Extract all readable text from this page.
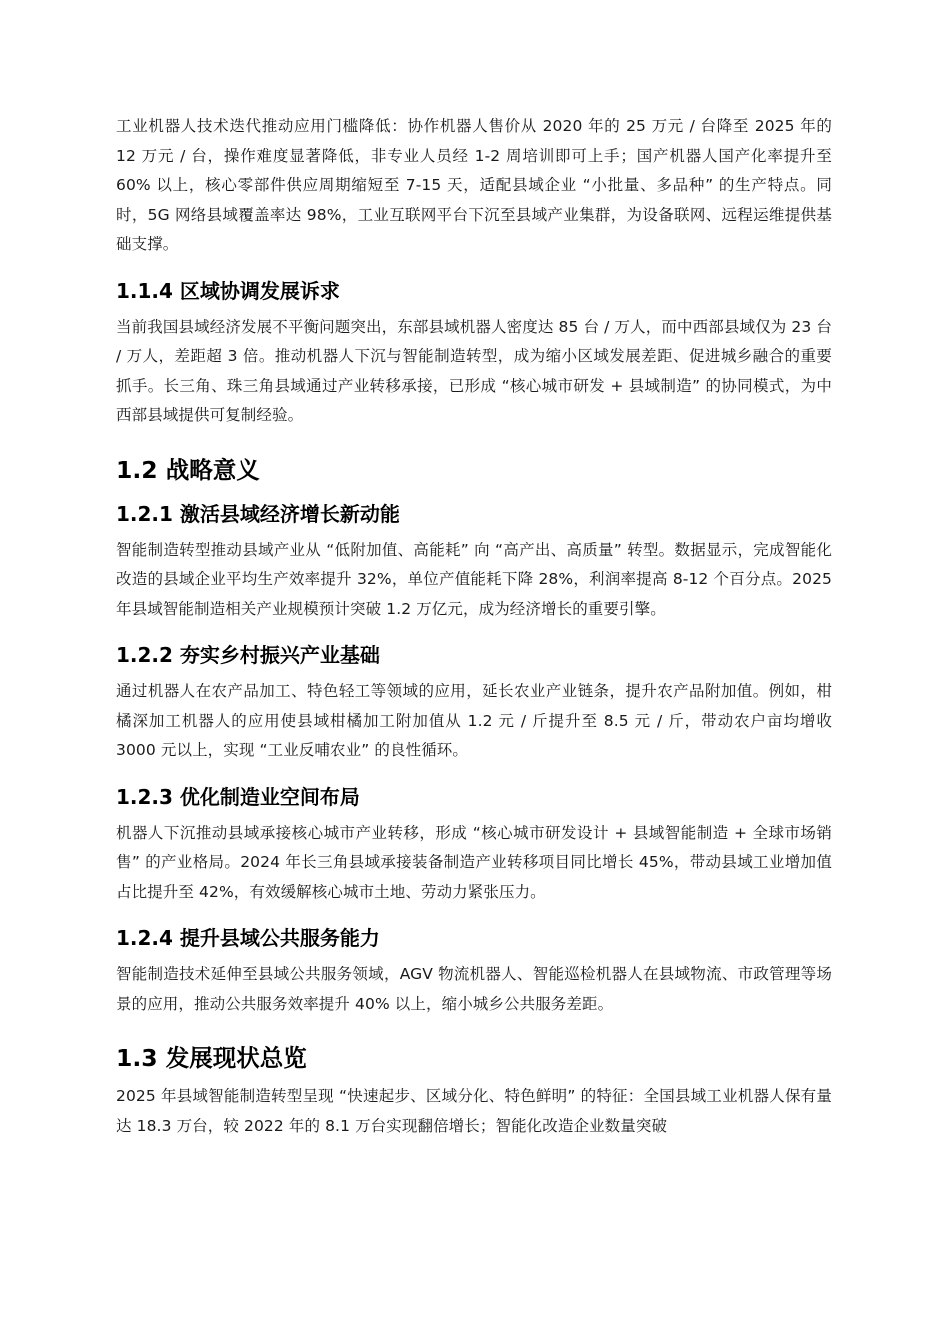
工业机器人技术迭代推动应用门槛降低：协作机器人售价从 2020 年的 25 万元 / 台降至 2025 年的 12 万元 / 台，操作难度显著降低，非专业人员经 1-2 周培训即可上手；国产机器人国产化率提升至 60% 以上，核心零部件供应周期缩短至 7-15 天，适配县域企业 “小批量、多品种” 的生产特点。同时，5G 网络县域覆盖率达 98%，工业互联网平台下沉至县域产业集群，为设备联网、远程运维提供基础支撑。

1.1.4 区域协调发展诉求

当前我国县域经济发展不平衡问题突出，东部县域机器人密度达 85 台 / 万人，而中西部县域仅为 23 台 / 万人，差距超 3 倍。推动机器人下沉与智能制造转型，成为缩小区域发展差距、促进城乡融合的重要抓手。长三角、珠三角县域通过产业转移承接，已形成 “核心城市研发 + 县域制造” 的协同模式，为中西部县域提供可复制经验。

1.2 战略意义
1.2.1 激活县域经济增长新动能

智能制造转型推动县域产业从 “低附加值、高能耗” 向 “高产出、高质量” 转型。数据显示，完成智能化改造的县域企业平均生产效率提升 32%，单位产值能耗下降 28%，利润率提高 8-12 个百分点。2025 年县域智能制造相关产业规模预计突破 1.2 万亿元，成为经济增长的重要引擎。

1.2.2 夯实乡村振兴产业基础

通过机器人在农产品加工、特色轻工等领域的应用，延长农业产业链条，提升农产品附加值。例如，柑橘深加工机器人的应用使县域柑橘加工附加值从 1.2 元 / 斤提升至 8.5 元 / 斤，带动农户亩均增收 3000 元以上，实现 “工业反哺农业” 的良性循环。

1.2.3 优化制造业空间布局

机器人下沉推动县域承接核心城市产业转移，形成 “核心城市研发设计 + 县域智能制造 + 全球市场销售” 的产业格局。2024 年长三角县域承接装备制造产业转移项目同比增长 45%，带动县域工业增加值占比提升至 42%，有效缓解核心城市土地、劳动力紧张压力。

1.2.4 提升县域公共服务能力

智能制造技术延伸至县域公共服务领域，AGV 物流机器人、智能巡检机器人在县域物流、市政管理等场景的应用，推动公共服务效率提升 40% 以上，缩小城乡公共服务差距。

1.3 发展现状总览

2025 年县域智能制造转型呈现 “快速起步、区域分化、特色鲜明” 的特征：全国县域工业机器人保有量达 18.3 万台，较 2022 年的 8.1 万台实现翻倍增长；智能化改造企业数量突破
